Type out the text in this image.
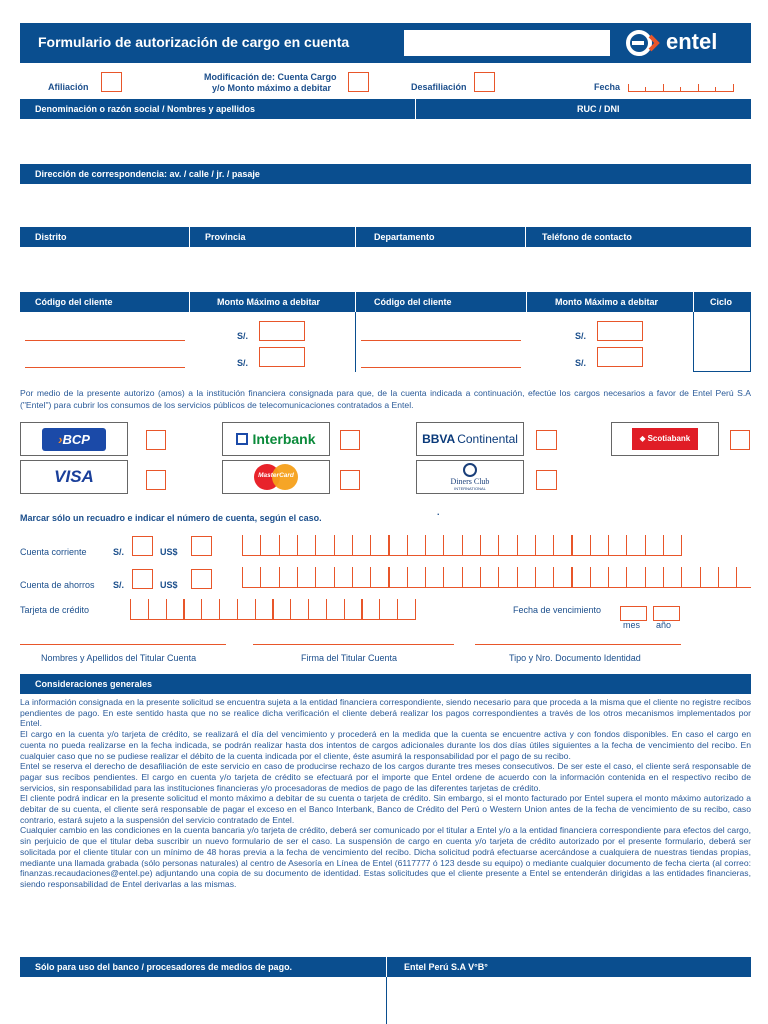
Formulario de autorización de cargo en cuenta	entel
Afiliación
Modificación de: Cuenta Cargo
y/o Monto máximo a debitar	Desafiliación	Fecha
Denominación o razón social / Nombres y apellidos	RUC / DNI
Dirección de correspondencia: av. / calle / jr. / pasaje
Distrito	Provincia	Departamento	Teléfono de contacto
Código del cliente	Monto Máximo a debitar	Código del cliente	Monto Máximo a debitar	Ciclo
S/.
S/.
S/.
S/.
Por medio de la presente autorizo (amos) a la institución financiera consignada para que, de la cuenta indicada a continuación, efectúe los cargos necesarios a favor de Entel Perú S.A ("Entel") para cubrir los consumos de los servicios públicos de telecomunicaciones contratados a Entel.
›BCP	Interbank	BBVA Continental	⬥ Scotiabank
VISA	MasterCard
Diners Club
INTERNATIONAL
Marcar sólo un recuadro e indicar el número de cuenta, según el caso.
.
Cuenta corriente	S/.	US$
Cuenta de ahorros S/.	US$
Tarjeta de crédito	Fecha de vencimiento
mes año
Nombres y Apellidos del Titular Cuenta	Firma del Titular Cuenta	Tipo y Nro. Documento Identidad
Consideraciones generales

La información consignada en la presente solicitud se encuentra sujeta a la entidad financiera correspondiente, siendo necesario para que proceda a la misma que el cliente no registre recibos pendientes de pago. En este sentido hasta que no se realice dicha verificación el cliente deberá realizar los pagos correspondientes a través de los otros mecanismos implementados por Entel.

El cargo en la cuenta y/o tarjeta de crédito, se realizará el día del vencimiento y procederá en la medida que la cuenta se encuentre activa y con fondos disponibles. En caso el cargo en cuenta no pueda realizarse en la fecha indicada, se podrán realizar hasta dos intentos de cargos adicionales durante los dos días útiles siguientes a la fecha de vencimiento del recibo. En cualquier caso que no se pudiese realizar el débito de la cuenta indicada por el cliente, éste asumirá la responsabilidad por el pago de su recibo.

Entel se reserva el derecho de desafiliación de este servicio en caso de producirse rechazo de los cargos durante tres meses consecutivos. De ser este el caso, el cliente será responsable de pagar sus recibos pendientes. El cargo en cuenta y/o tarjeta de crédito se efectuará por el importe que Entel ordene de acuerdo con la información contenida en el respectivo recibo de servicios, sin responsabilidad para las instituciones financieras y/o procesadoras de medios de pago de las diferentes tarjetas de crédito.

El cliente podrá indicar en la presente solicitud el monto máximo a debitar de su cuenta o tarjeta de crédito. Sin embargo, si el monto facturado por Entel supera el monto máximo autorizado a debitar de su cuenta, el cliente será responsable de pagar el exceso en el Banco Interbank, Banco de Crédito del Perú o Western Union antes de la fecha de vencimiento de su recibo, caso contrario, estará sujeto a la suspensión del servicio contratado de Entel.

Cualquier cambio en las condiciones en la cuenta bancaria y/o tarjeta de crédito, deberá ser comunicado por el titular a Entel y/o a la entidad financiera correspondiente para efectos del cargo, sin perjuicio de que el titular deba suscribir un nuevo formulario de ser el caso. La suspensión de cargo en cuenta y/o tarjeta de crédito autorizado por el presente formulario, deberá ser solicitada por el cliente titular con un mínimo de 48 horas previa a la fecha de vencimiento del recibo. Dicha solicitud podrá efectuarse acercándose a cualquiera de nuestras tiendas propias, mediante una llamada grabada (sólo personas naturales) al centro de Asesoría en Línea de Entel (6117777 ó 123 desde su equipo) o mediante cualquier documento de fecha cierta (al correo: finanzas.recaudaciones@entel.pe) adjuntando una copia de su documento de identidad. Estas solicitudes que el cliente presente a Entel se entenderán dirigidas a las entidades financieras, siendo responsabilidad de Entel derivarlas a las mismas.

Sólo para uso del banco / procesadores de medios de pago.	Entel Perú S.A V°B°
